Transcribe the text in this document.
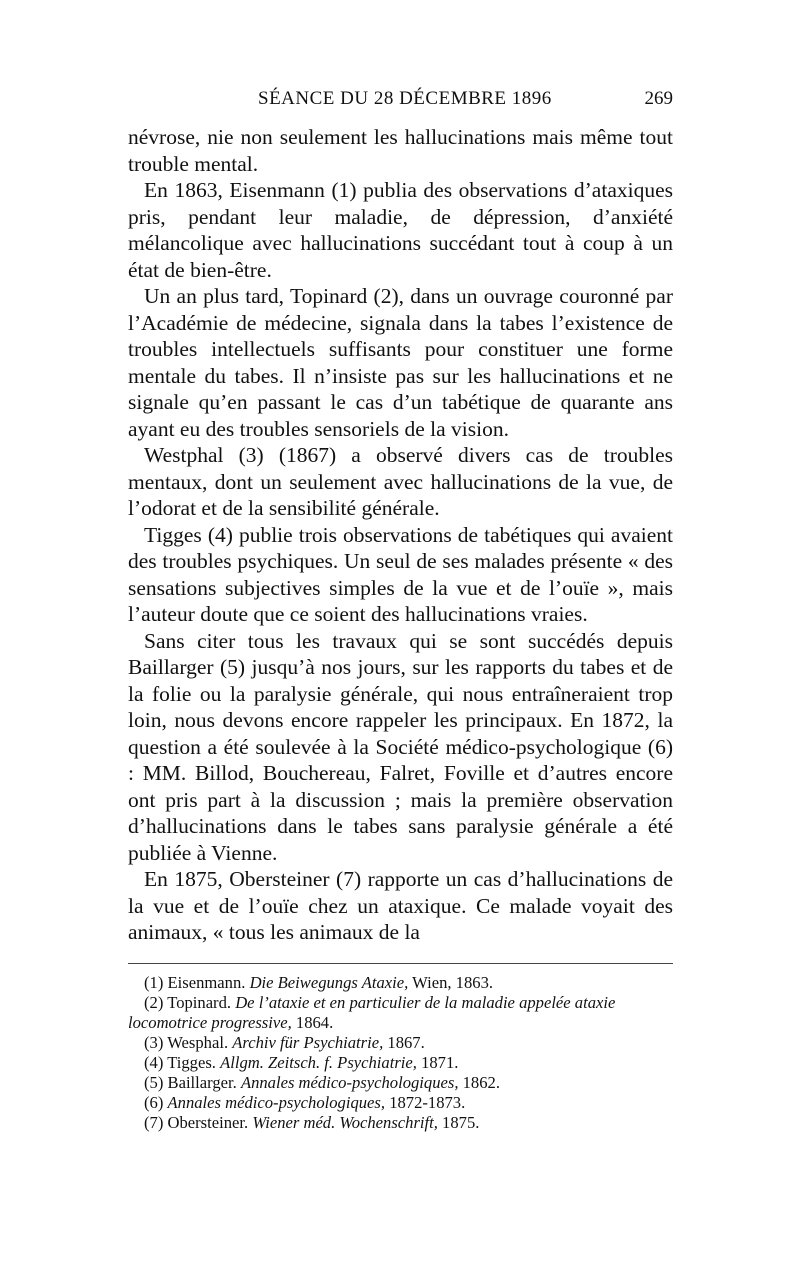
SÉANCE DU 28 DÉCEMBRE 1896	269

névrose, nie non seulement les hallucinations mais même tout trouble mental.

En 1863, Eisenmann (1) publia des observations d’ataxiques pris, pendant leur maladie, de dépression, d’anxiété mélancolique avec hallucinations succédant tout à coup à un état de bien-être.

Un an plus tard, Topinard (2), dans un ouvrage couronné par l’Académie de médecine, signala dans la tabes l’existence de troubles intellectuels suffisants pour constituer une forme mentale du tabes. Il n’insiste pas sur les hallucinations et ne signale qu’en passant le cas d’un tabétique de quarante ans ayant eu des troubles sensoriels de la vision.

Westphal (3) (1867) a observé divers cas de troubles mentaux, dont un seulement avec hallucinations de la vue, de l’odorat et de la sensibilité générale.

Tigges (4) publie trois observations de tabétiques qui avaient des troubles psychiques. Un seul de ses malades présente « des sensations subjectives simples de la vue et de l’ouïe », mais l’auteur doute que ce soient des hallucinations vraies.

Sans citer tous les travaux qui se sont succédés depuis Baillarger (5) jusqu’à nos jours, sur les rapports du tabes et de la folie ou la paralysie générale, qui nous entraîneraient trop loin, nous devons encore rappeler les principaux. En 1872, la question a été soulevée à la Société médico-psychologique (6) : MM. Billod, Bouchereau, Falret, Foville et d’autres encore ont pris part à la discussion ; mais la première observation d’hallucinations dans le tabes sans paralysie générale a été publiée à Vienne.

En 1875, Obersteiner (7) rapporte un cas d’hallucinations de la vue et de l’ouïe chez un ataxique. Ce malade voyait des animaux, « tous les animaux de la

(1) Eisenmann. Die Beiwegungs Ataxie, Wien, 1863.
(2) Topinard. De l’ataxie et en particulier de la maladie appelée ataxie locomotrice progressive, 1864.
(3) Wesphal. Archiv für Psychiatrie, 1867.
(4) Tigges. Allgm. Zeitsch. f. Psychiatrie, 1871.
(5) Baillarger. Annales médico-psychologiques, 1862.
(6) Annales médico-psychologiques, 1872-1873.
(7) Obersteiner. Wiener méd. Wochenschrift, 1875.
